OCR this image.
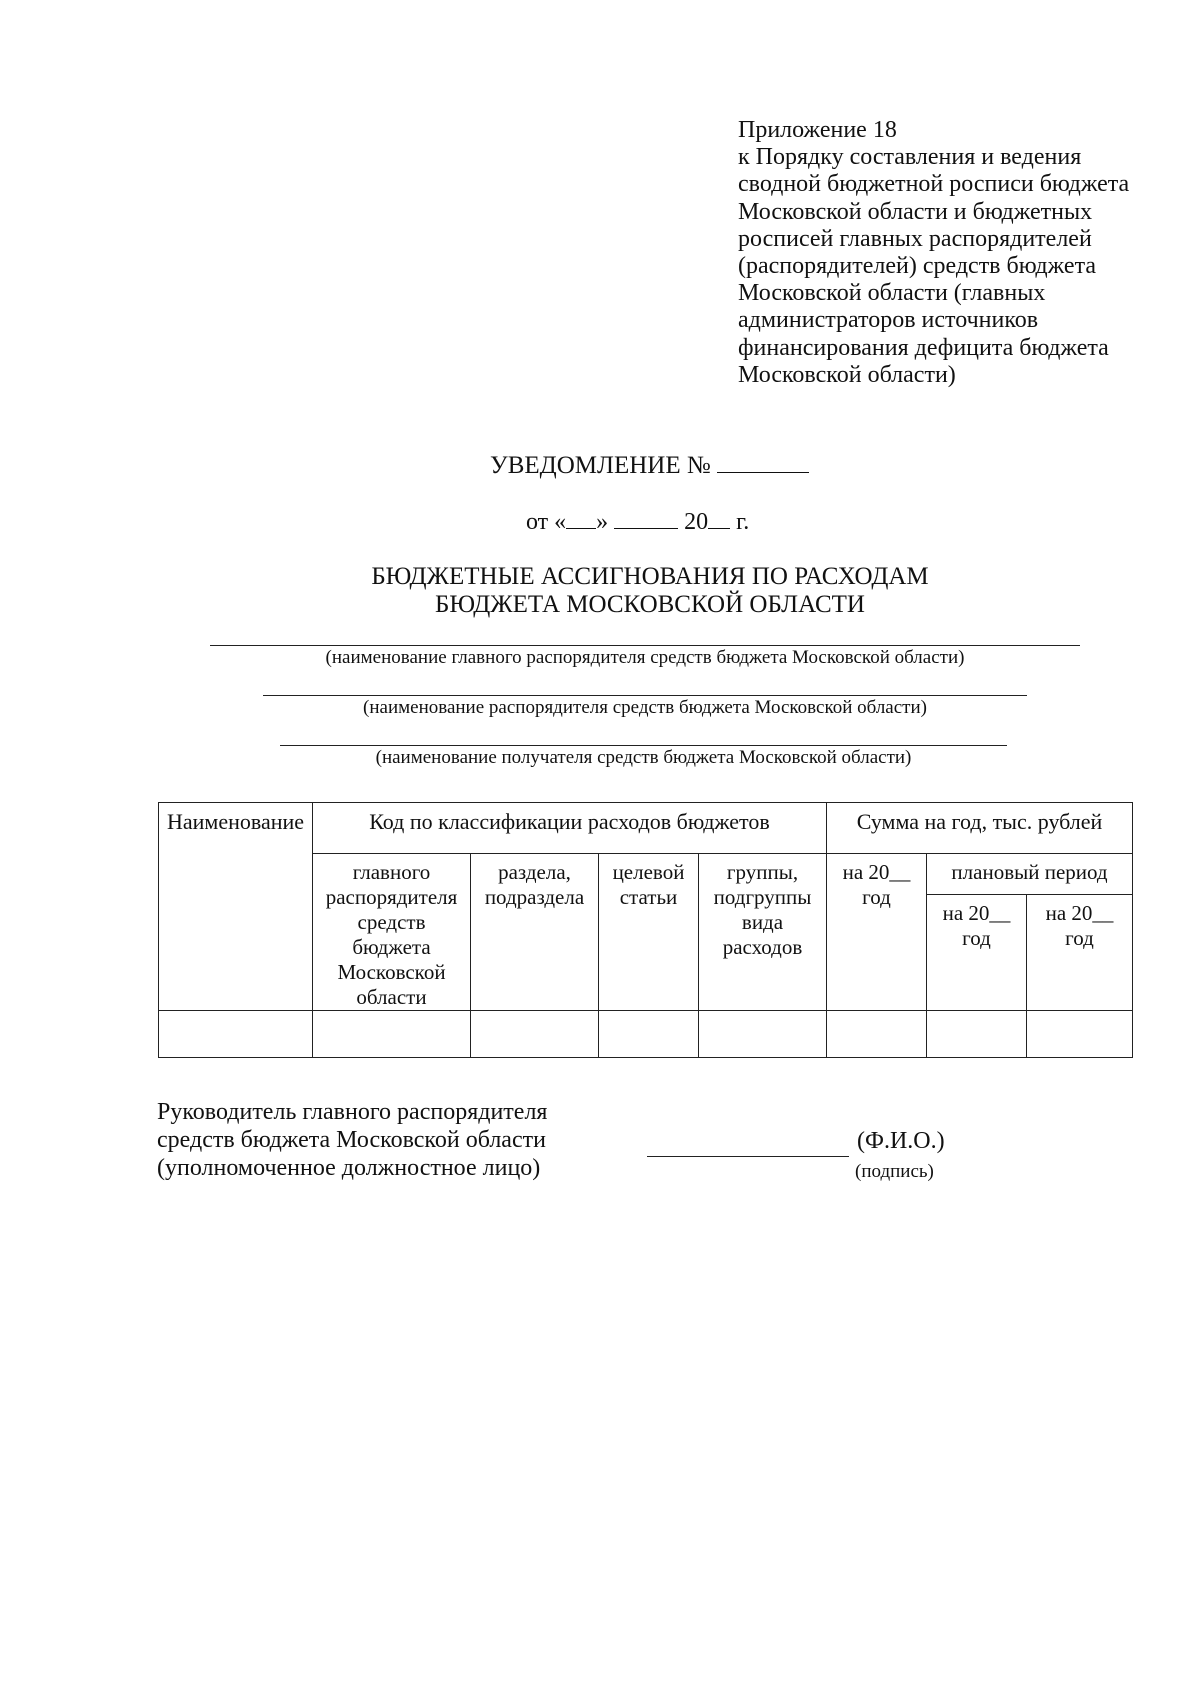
Приложение 18
к Порядку составления и ведения
сводной бюджетной росписи бюджета
Московской области и бюджетных
росписей главных распорядителей
(распорядителей) средств бюджета
Московской области (главных
администраторов источников
финансирования дефицита бюджета
Московской области)
УВЕДОМЛЕНИЕ №
от « »	20 г.
БЮДЖЕТНЫЕ АССИГНОВАНИЯ ПО РАСХОДАМ
БЮДЖЕТА МОСКОВСКОЙ ОБЛАСТИ
(наименование главного распорядителя средств бюджета Московской области)
(наименование распорядителя средств бюджета Московской области)
(наименование получателя средств бюджета Московской области)
Наименование	Код по классификации расходов бюджетов				Сумма на год, тыс. рублей		
	главного распорядителя средств бюджета Московской области	раздела, подраздела	целевой статьи	группы, подгруппы вида расходов	на 20__ год	плановый период	
						на 20__ год	на 20__ год

Руководитель главного распорядителя
средств бюджета Московской области
(уполномоченное должностное лицо)
(Ф.И.О.)
(подпись)
